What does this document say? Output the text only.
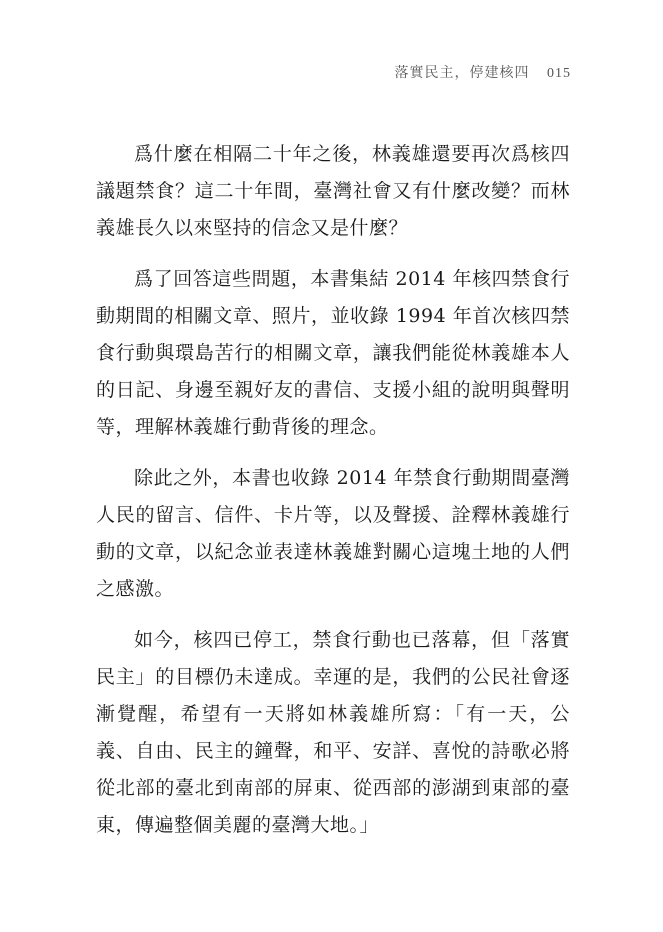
落實民主，停建核四 015

爲什麼在相隔二十年之後，林義雄還要再次爲核四議題禁食？這二十年間，臺灣社會又有什麼改變？而林義雄長久以來堅持的信念又是什麼？

爲了回答這些問題，本書集結 2014 年核四禁食行動期間的相關文章、照片，並收錄 1994 年首次核四禁食行動與環島苦行的相關文章，讓我們能從林義雄本人的日記、身邊至親好友的書信、支援小組的說明與聲明等，理解林義雄行動背後的理念。

除此之外，本書也收錄 2014 年禁食行動期間臺灣人民的留言、信件、卡片等，以及聲援、詮釋林義雄行動的文章，以紀念並表達林義雄對關心這塊土地的人們之感激。

如今，核四已停工，禁食行動也已落幕，但「落實民主」的目標仍未達成。幸運的是，我們的公民社會逐漸覺醒，希望有一天將如林義雄所寫：「有一天，公義、自由、民主的鐘聲，和平、安詳、喜悅的詩歌必將從北部的臺北到南部的屏東、從西部的澎湖到東部的臺東，傳遍整個美麗的臺灣大地。」
